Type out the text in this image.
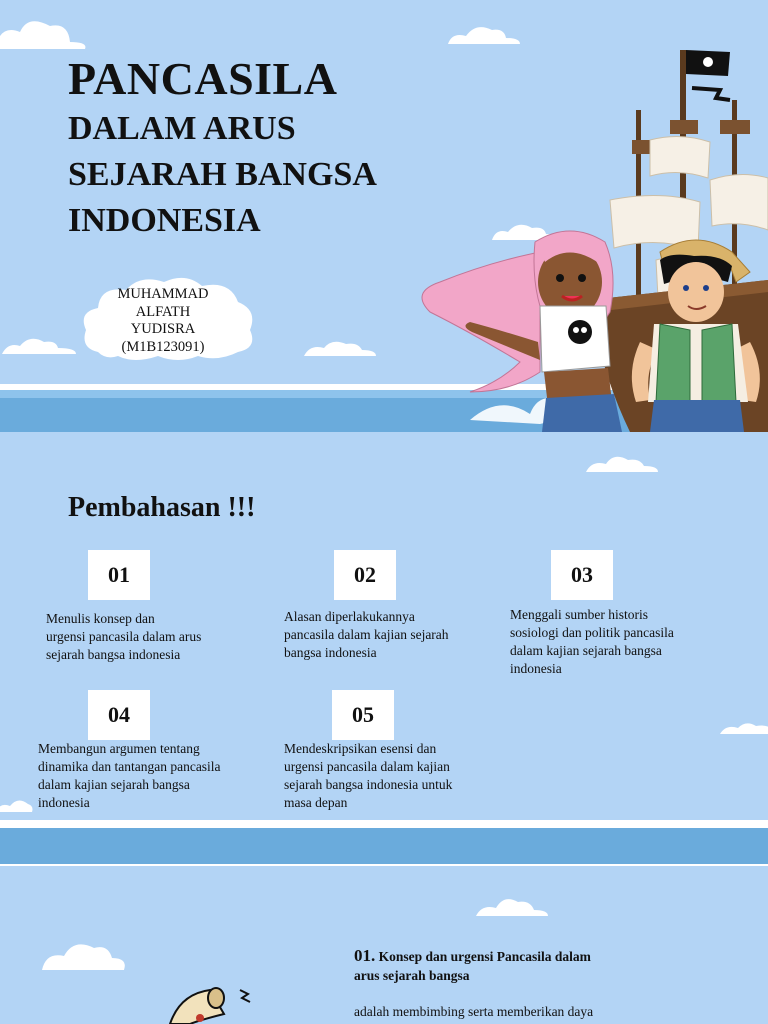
PANCASILA
DALAM ARUS
SEJARAH BANGSA
INDONESIA
MUHAMMAD
ALFATH
YUDISRA
(M1B123091)
Pembahasan !!!
01
Menulis konsep dan
urgensi pancasila dalam arus
sejarah bangsa indonesia
02
Alasan diperlakukannya
pancasila dalam kajian sejarah
bangsa indonesia
03
Menggali sumber historis
sosiologi dan politik pancasila
dalam kajian sejarah bangsa
indonesia
04
Membangun argumen tentang
dinamika dan tantangan pancasila
dalam kajian sejarah bangsa
indonesia
05
Mendeskripsikan esensi dan
urgensi pancasila dalam kajian
sejarah bangsa indonesia untuk
masa depan
01. Konsep dan urgensi Pancasila dalam
arus sejarah bangsa
adalah membimbing serta memberikan daya
